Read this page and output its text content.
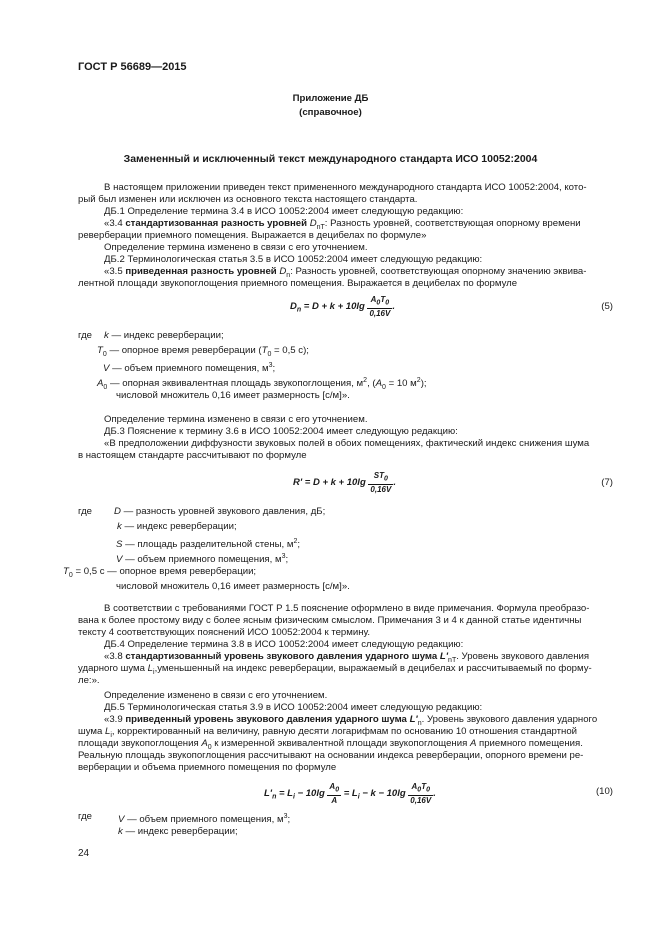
ГОСТ Р 56689—2015
Приложение ДБ
(справочное)
Замененный и исключенный текст международного стандарта ИСО 10052:2004
В настоящем приложении приведен текст примененного международного стандарта ИСО 10052:2004, кото-
рый был изменен или исключен из основного текста настоящего стандарта.
ДБ.1 Определение термина 3.4 в ИСО 10052:2004 имеет следующую редакцию:
«3.4 стандартизованная разность уровней $D_{nT}$: Разность уровней, соответствующая опорному времени
реверберации приемного помещения. Выражается в децибелах по формуле»
Определение термина изменено в связи с его уточнением.
ДБ.2 Терминологическая статья 3.5 в ИСО 10052:2004 имеет следующую редакцию:
«3.5 приведенная разность уровней $D_n$: Разность уровней, соответствующая опорному значению эквива-
лентной площади звукопоглощения приемного помещения. Выражается в децибелах по формуле
$D_n = D + k + 10\lg \frac{A_0T_0}{0,16V}$ .	(5)
где k — индекс реверберации;
$T_0$ — опорное время реверберации ($T_0 = 0,5$ с);
V — объем приемного помещения, $м^3$;
$A_0$ — опорная эквивалентная площадь звукопоглощения, $м^2$, ($A_0 = 10$ $м^2$);
числовой множитель 0,16 имеет размерность [с/м]».
Определение термина изменено в связи с его уточнением.
ДБ.3 Пояснение к термину 3.6 в ИСО 10052:2004 имеет следующую редакцию:
«В предположении диффузности звуковых полей в обоих помещениях, фактический индекс снижения шума
в настоящем стандарте рассчитывают по формуле
$R' = D + k + 10\lg \frac{ST_0}{0,16V}$ .	(7)
где D — разность уровней звукового давления, дБ;
k — индекс реверберации;
S — площадь разделительной стены, $м^2$;
V — объем приемного помещения, $м^3$;
$T_0 = 0,5$ с — опорное время реверберации;
числовой множитель 0,16 имеет размерность [с/м]».
В соответствии с требованиями ГОСТ Р 1.5 пояснение оформлено в виде примечания. Формула преобразо-
вана к более простому виду с более ясным физическим смыслом. Примечания 3 и 4 к данной статье идентичны
тексту 4 соответствующих пояснений ИСО 10052:2004 к термину.
ДБ.4 Определение термина 3.8 в ИСО 10052:2004 имеет следующую редакцию:
«3.8 стандартизованный уровень звукового давления ударного шума $L'_{nT}$. Уровень звукового давления
ударного шума $L_i,уменьшенный$ на индекс реверберации, выражаемый в децибелах и рассчитываемый по форму-
ле:».
Определение изменено в связи с его уточнением.
ДБ.5 Терминологическая статья 3.9 в ИСО 10052:2004 имеет следующую редакцию:
«3.9 приведенный уровень звукового давления ударного шума $L'_n$. Уровень звукового давления ударного
шума $L_i$, корректированный на величину, равную десяти логарифмам по основанию 10 отношения стандартной
площади звукопоглощения $A_0$ к измеренной эквивалентной площади звукопоглощения A приемного помещения.
Реальную площадь звукопоглощения рассчитывают на основании индекса реверберации, опорного времени ре-
верберации и объема приемного помещения по формуле
$L'_n = L_i - 10\lg \frac{A_0}{A} = L_i - k - 10\lg \frac{A_0T_0}{0,16V}$ .	(10)
где	V — объем приемного помещения, $м^3$;
k — индекс реверберации;
24
